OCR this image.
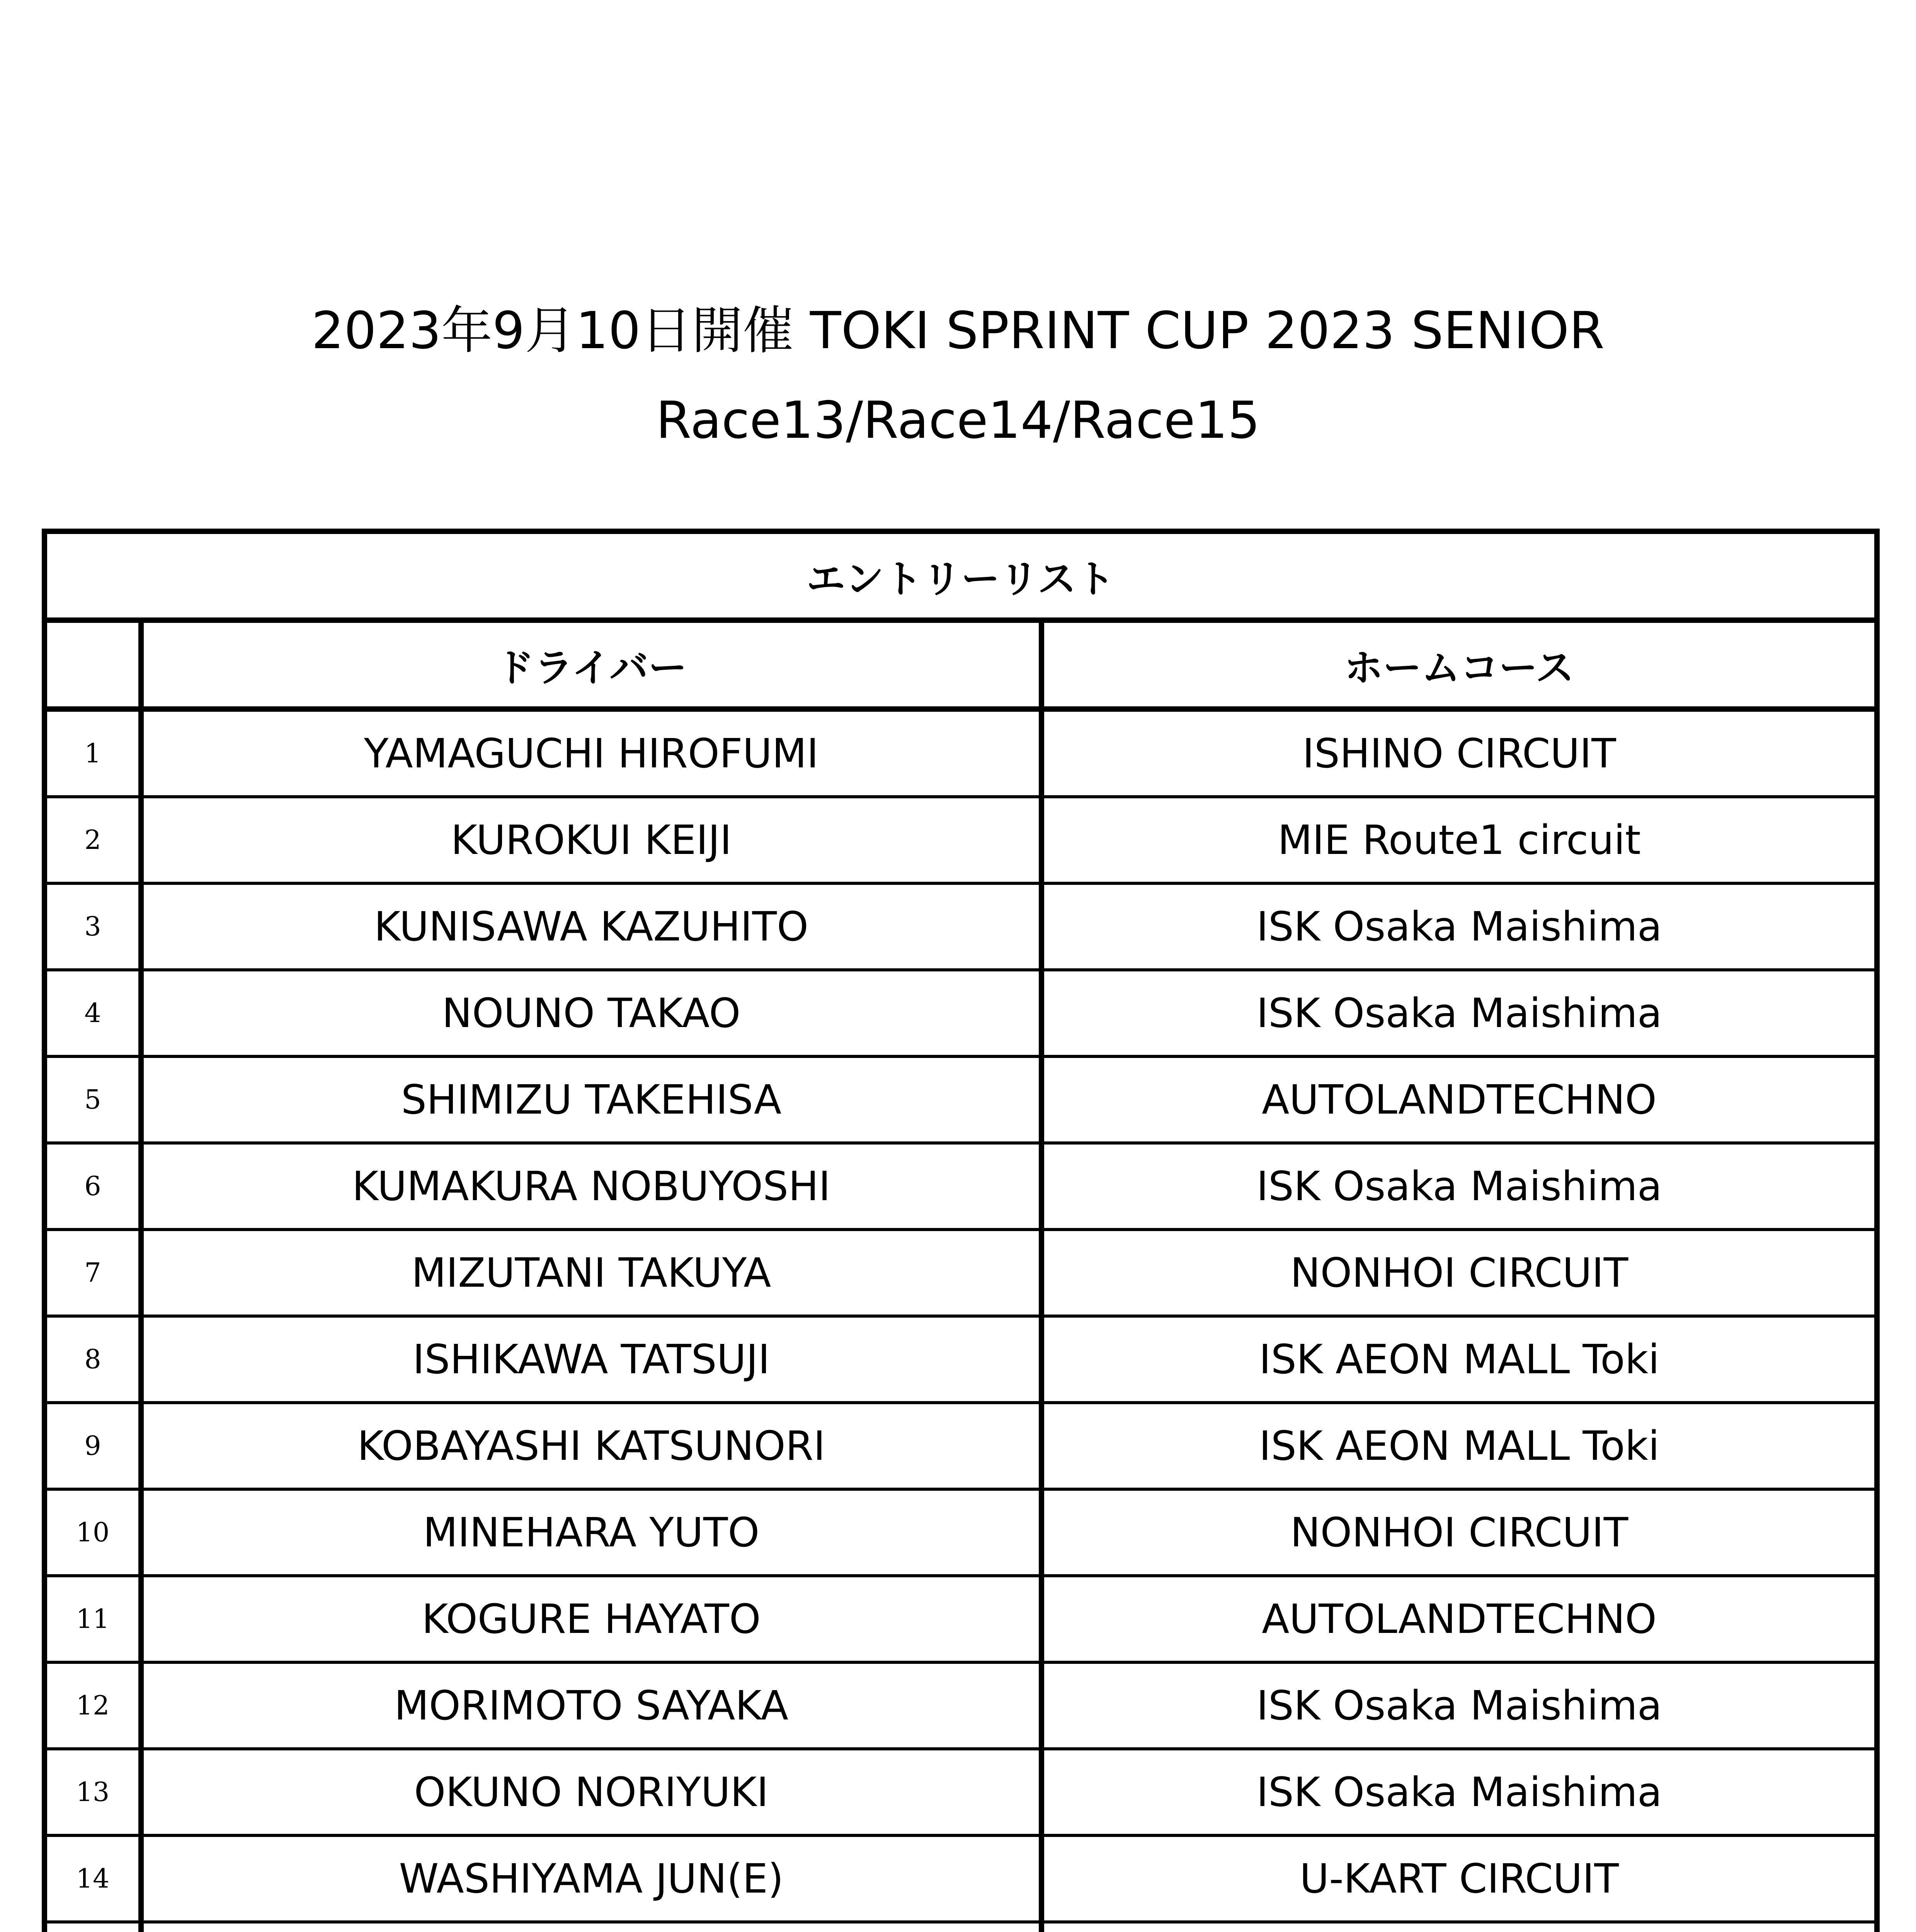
2023年9月10日開催 TOKI SPRINT CUP 2023 SENIOR
Race13/Race14/Race15
エントリーリスト		
	ドライバー	ホームコース
1	YAMAGUCHI HIROFUMI	ISHINO CIRCUIT
2	KUROKUI KEIJI	MIE Route1 circuit
3	KUNISAWA KAZUHITO	ISK Osaka Maishima
4	NOUNO TAKAO	ISK Osaka Maishima
5	SHIMIZU TAKEHISA	AUTOLANDTECHNO
6	KUMAKURA NOBUYOSHI	ISK Osaka Maishima
7	MIZUTANI TAKUYA	NONHOI CIRCUIT
8	ISHIKAWA TATSUJI	ISK AEON MALL Toki
9	KOBAYASHI KATSUNORI	ISK AEON MALL Toki
10	MINEHARA YUTO	NONHOI CIRCUIT
11	KOGURE HAYATO	AUTOLANDTECHNO
12	MORIMOTO SAYAKA	ISK Osaka Maishima
13	OKUNO NORIYUKI	ISK Osaka Maishima
14	WASHIYAMA JUN(E)	U-KART CIRCUIT
